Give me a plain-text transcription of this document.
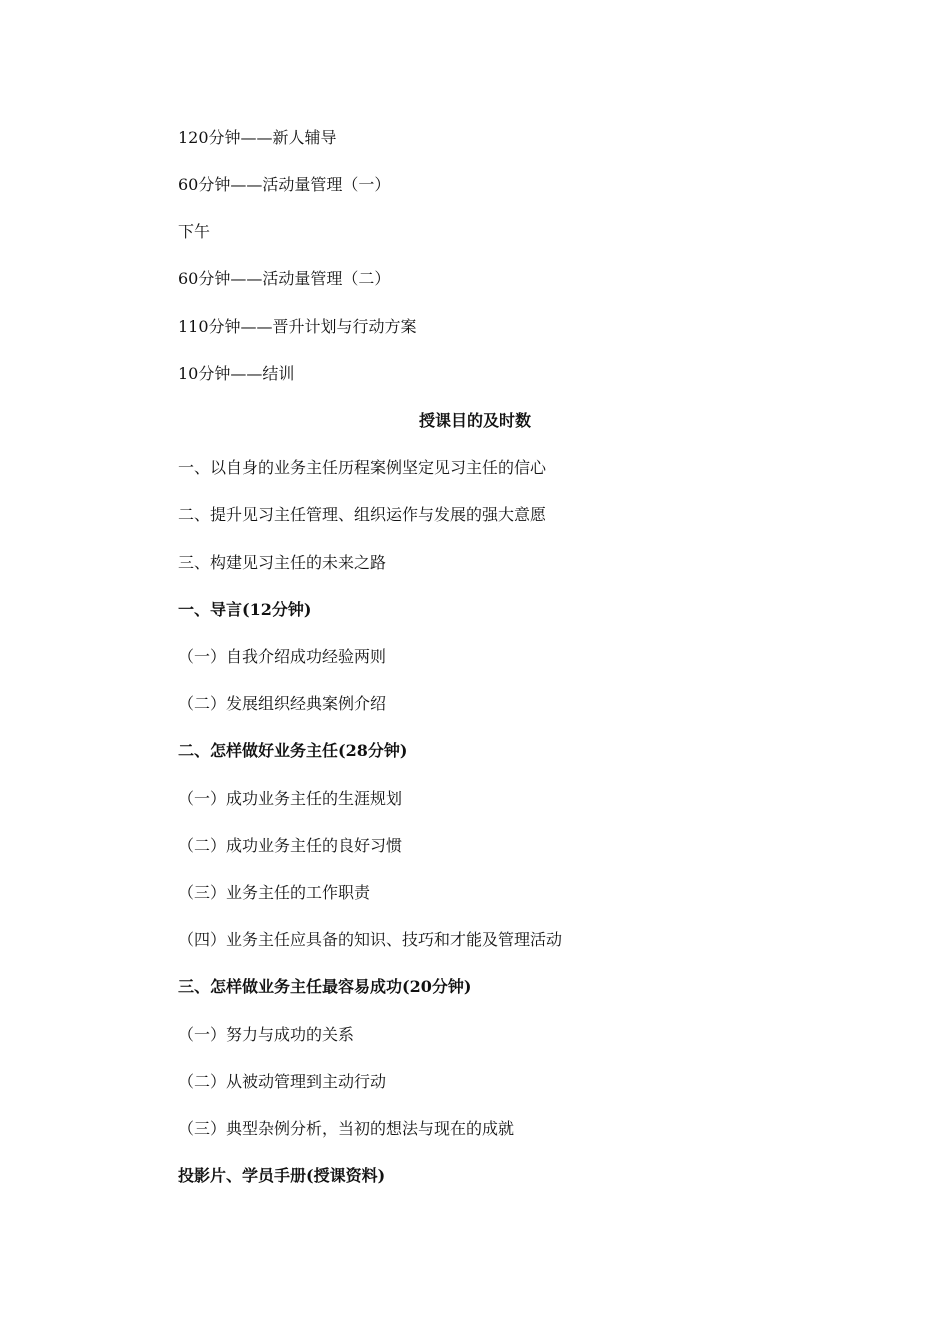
120分钟——新人辅导
60分钟——活动量管理（一）
下午
60分钟——活动量管理（二）
110分钟——晋升计划与行动方案
10分钟——结训
授课目的及时数
一、以自身的业务主任历程案例坚定见习主任的信心
二、提升见习主任管理、组织运作与发展的强大意愿
三、构建见习主任的未来之路
一、导言(12分钟)
（一）自我介绍成功经验两则
（二）发展组织经典案例介绍
二、怎样做好业务主任(28分钟)
（一）成功业务主任的生涯规划
（二）成功业务主任的良好习惯
（三）业务主任的工作职责
（四）业务主任应具备的知识、技巧和才能及管理活动
三、怎样做业务主任最容易成功(20分钟)
（一）努力与成功的关系
（二）从被动管理到主动行动
（三）典型杂例分析，当初的想法与现在的成就
投影片、学员手册(授课资料)
